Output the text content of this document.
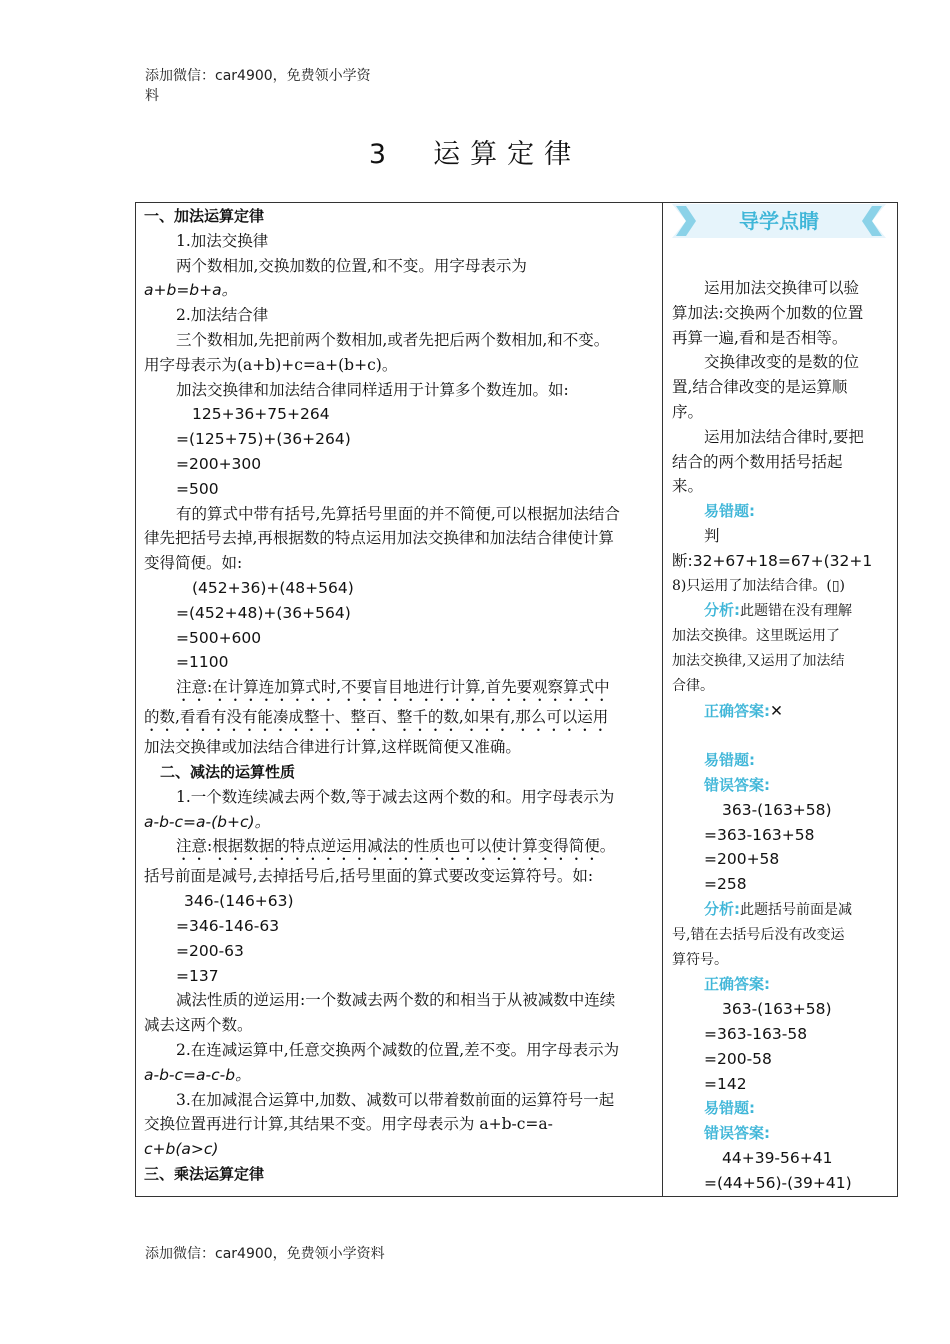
添加微信：car4900，免费领小学资
料
3　运算定律
一、加法运算定律
1.加法交换律
两个数相加,交换加数的位置,和不变。用字母表示为
a+b=b+a。
2.加法结合律
三个数相加,先把前两个数相加,或者先把后两个数相加,和不变。
用字母表示为(a+b)+c=a+(b+c)。
加法交换律和加法结合律同样适用于计算多个数连加。如:
125+36+75+264
=(125+75)+(36+264)
=200+300
=500
有的算式中带有括号,先算括号里面的并不简便,可以根据加法结合
律先把括号去掉,再根据数的特点运用加法交换律和加法结合律使计算
变得简便。如:
(452+36)+(48+564)
=(452+48)+(36+564)
=500+600
=1100
注意:在计算连加算式时,不要盲目地进行计算,首先要观察算式中
的数,看看有没有能凑成整十、整百、整千的数,如果有,那么可以运用
加法交换律或加法结合律进行计算,这样既简便又准确。
二、减法的运算性质
1.一个数连续减去两个数,等于减去这两个数的和。用字母表示为
a-b-c=a-(b+c)。
注意:根据数据的特点逆运用减法的性质也可以使计算变得简便。
括号前面是减号,去掉括号后,括号里面的算式要改变运算符号。如:
346-(146+63)
=346-146-63
=200-63
=137
减法性质的逆运用:一个数减去两个数的和相当于从被减数中连续
减去这两个数。
2.在连减运算中,任意交换两个减数的位置,差不变。用字母表示为
a-b-c=a-c-b。
3.在加减混合运算中,加数、减数可以带着数前面的运算符号一起
交换位置再进行计算,其结果不变。用字母表示为 a+b-c=a-
c+b(a>c)
三、乘法运算定律
导学点睛
运用加法交换律可以验
算加法:交换两个加数的位置
再算一遍,看和是否相等。
交换律改变的是数的位
置,结合律改变的是运算顺
序。
运用加法结合律时,要把
结合的两个数用括号括起
来。
易错题:
判
断:32+67+18=67+(32+1
8)只运用了加法结合律。(▯)
分析:此题错在没有理解
加法交换律。这里既运用了
加法交换律,又运用了加法结
合律。
正确答案:✕

易错题:
错误答案:
363-(163+58)
=363-163+58
=200+58
=258
分析:此题括号前面是减
号,错在去括号后没有改变运
算符号。
正确答案:
363-(163+58)
=363-163-58
=200-58
=142
易错题:
错误答案:
44+39-56+41
=(44+56)-(39+41)
添加微信：car4900，免费领小学资料
